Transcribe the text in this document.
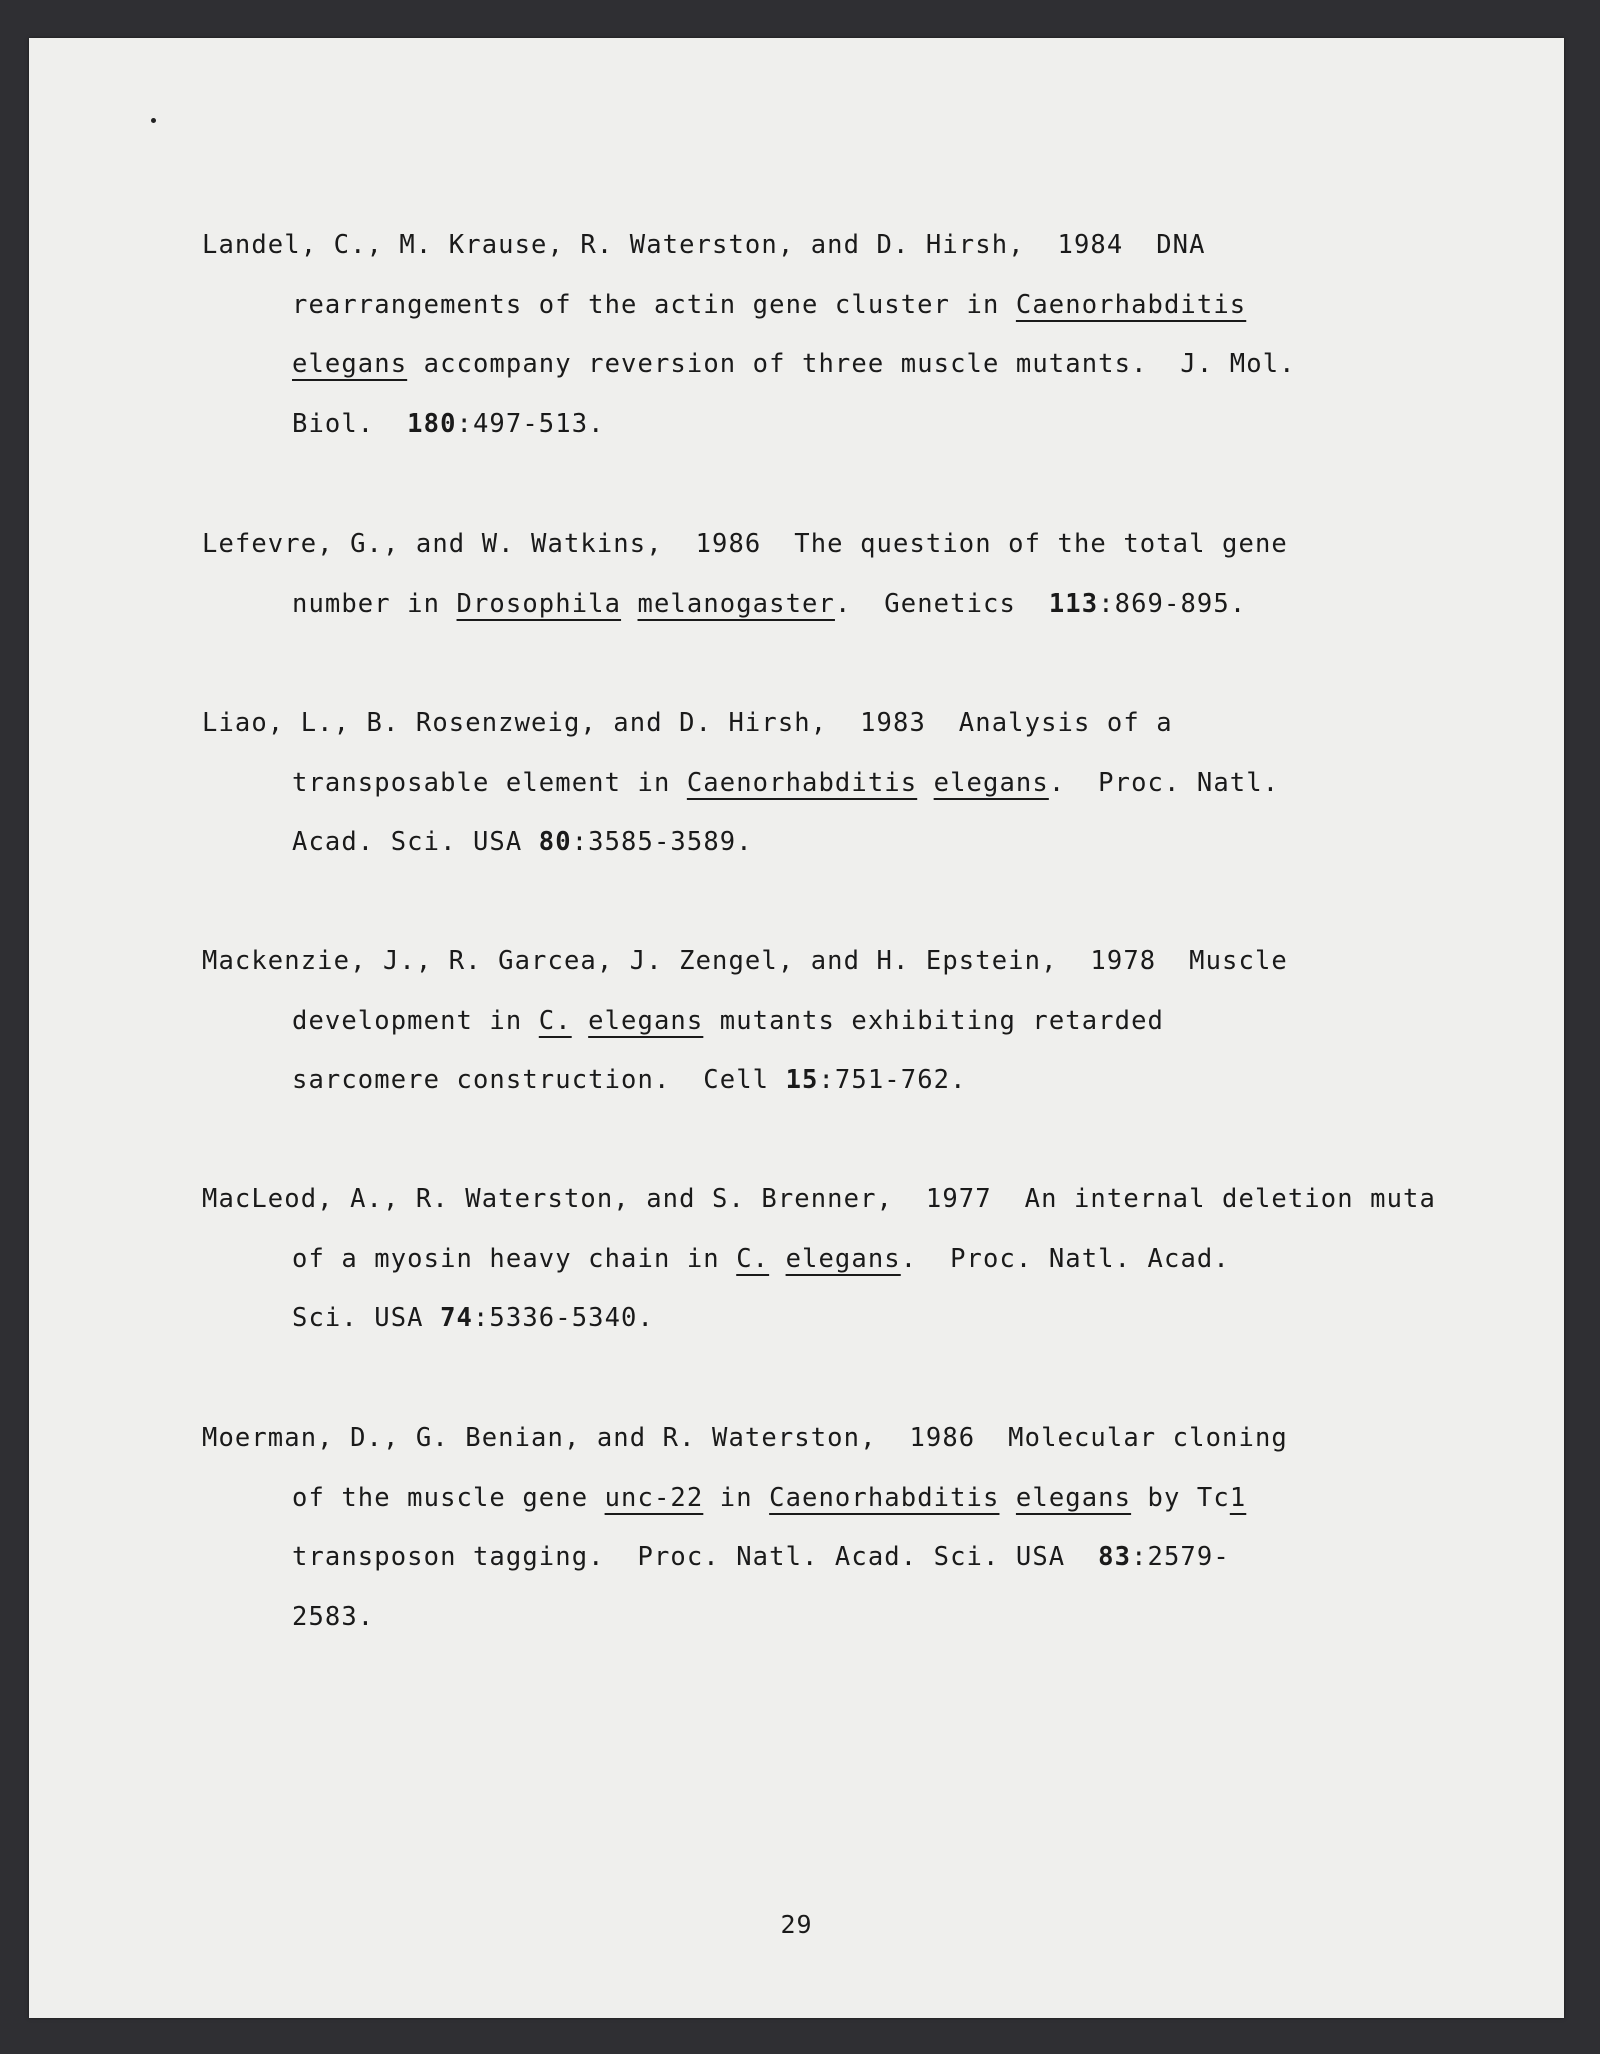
Landel, C., M. Krause, R. Waterston, and D. Hirsh,  1984  DNA
rearrangements of the actin gene cluster in Caenorhabditis
elegans accompany reversion of three muscle mutants.  J. Mol.
Biol.  180:497-513.
Lefevre, G., and W. Watkins,  1986  The question of the total gene
number in Drosophila melanogaster.  Genetics  113:869-895.
Liao, L., B. Rosenzweig, and D. Hirsh,  1983  Analysis of a
transposable element in Caenorhabditis elegans.  Proc. Natl.
Acad. Sci. USA 80:3585-3589.
Mackenzie, J., R. Garcea, J. Zengel, and H. Epstein,  1978  Muscle
development in C. elegans mutants exhibiting retarded
sarcomere construction.  Cell 15:751-762.
MacLeod, A., R. Waterston, and S. Brenner,  1977  An internal deletion muta
of a myosin heavy chain in C. elegans.  Proc. Natl. Acad.
Sci. USA 74:5336-5340.
Moerman, D., G. Benian, and R. Waterston,  1986  Molecular cloning
of the muscle gene unc-22 in Caenorhabditis elegans by Tc1
transposon tagging.  Proc. Natl. Acad. Sci. USA  83:2579-
2583.
29
